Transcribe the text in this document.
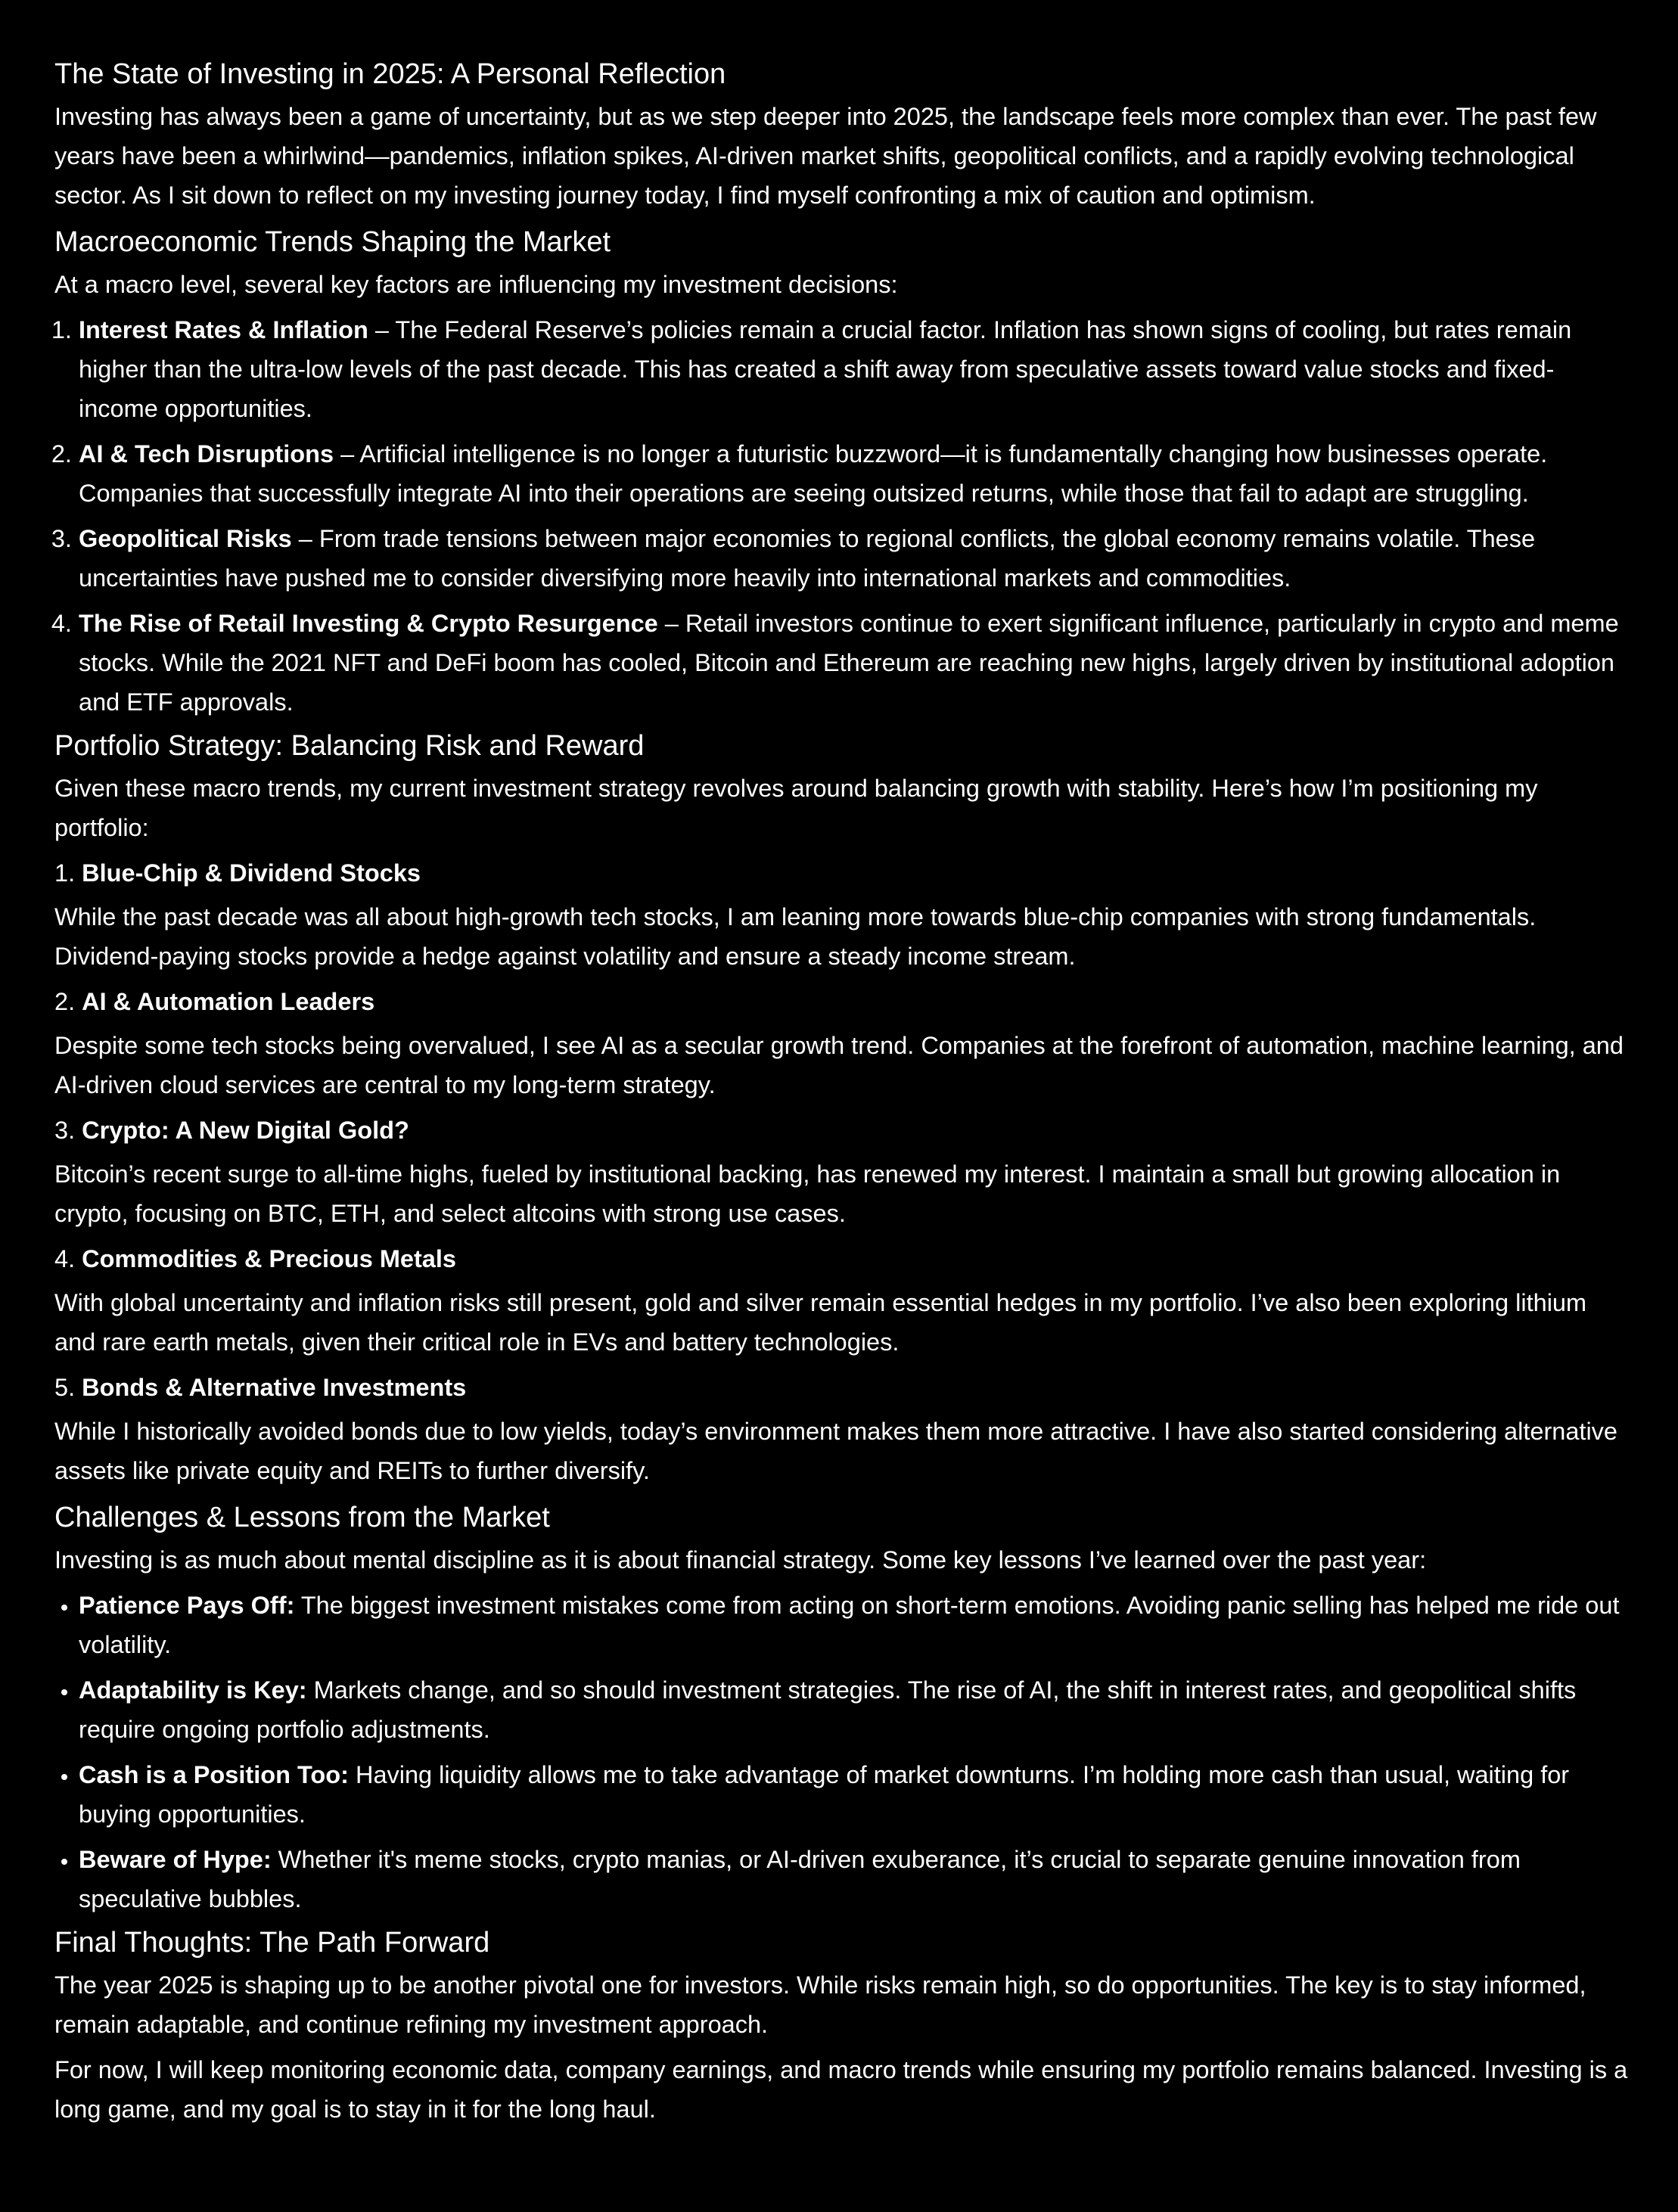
The State of Investing in 2025: A Personal Reflection

Investing has always been a game of uncertainty, but as we step deeper into 2025, the landscape feels more complex than ever. The past few years have been a whirlwind—pandemics, inflation spikes, AI-driven market shifts, geopolitical conflicts, and a rapidly evolving technological sector. As I sit down to reflect on my investing journey today, I find myself confronting a mix of caution and optimism.

Macroeconomic Trends Shaping the Market

At a macro level, several key factors are influencing my investment decisions:

1. Interest Rates & Inflation – The Federal Reserve’s policies remain a crucial factor. Inflation has shown signs of cooling, but rates remain higher than the ultra-low levels of the past decade. This has created a shift away from speculative assets toward value stocks and fixed-income opportunities.
2. AI & Tech Disruptions – Artificial intelligence is no longer a futuristic buzzword—it is fundamentally changing how businesses operate. Companies that successfully integrate AI into their operations are seeing outsized returns, while those that fail to adapt are struggling.
3. Geopolitical Risks – From trade tensions between major economies to regional conflicts, the global economy remains volatile. These uncertainties have pushed me to consider diversifying more heavily into international markets and commodities.
4. The Rise of Retail Investing & Crypto Resurgence – Retail investors continue to exert significant influence, particularly in crypto and meme stocks. While the 2021 NFT and DeFi boom has cooled, Bitcoin and Ethereum are reaching new highs, largely driven by institutional adoption and ETF approvals.
Portfolio Strategy: Balancing Risk and Reward

Given these macro trends, my current investment strategy revolves around balancing growth with stability. Here’s how I’m positioning my portfolio:

1. Blue-Chip & Dividend Stocks

While the past decade was all about high-growth tech stocks, I am leaning more towards blue-chip companies with strong fundamentals. Dividend-paying stocks provide a hedge against volatility and ensure a steady income stream.

2. AI & Automation Leaders

Despite some tech stocks being overvalued, I see AI as a secular growth trend. Companies at the forefront of automation, machine learning, and AI-driven cloud services are central to my long-term strategy.

3. Crypto: A New Digital Gold?

Bitcoin’s recent surge to all-time highs, fueled by institutional backing, has renewed my interest. I maintain a small but growing allocation in crypto, focusing on BTC, ETH, and select altcoins with strong use cases.

4. Commodities & Precious Metals

With global uncertainty and inflation risks still present, gold and silver remain essential hedges in my portfolio. I’ve also been exploring lithium and rare earth metals, given their critical role in EVs and battery technologies.

5. Bonds & Alternative Investments

While I historically avoided bonds due to low yields, today’s environment makes them more attractive. I have also started considering alternative assets like private equity and REITs to further diversify.

Challenges & Lessons from the Market

Investing is as much about mental discipline as it is about financial strategy. Some key lessons I’ve learned over the past year:

• Patience Pays Off: The biggest investment mistakes come from acting on short-term emotions. Avoiding panic selling has helped me ride out volatility.
• Adaptability is Key: Markets change, and so should investment strategies. The rise of AI, the shift in interest rates, and geopolitical shifts require ongoing portfolio adjustments.
• Cash is a Position Too: Having liquidity allows me to take advantage of market downturns. I’m holding more cash than usual, waiting for buying opportunities.
• Beware of Hype: Whether it's meme stocks, crypto manias, or AI-driven exuberance, it’s crucial to separate genuine innovation from speculative bubbles.
Final Thoughts: The Path Forward

The year 2025 is shaping up to be another pivotal one for investors. While risks remain high, so do opportunities. The key is to stay informed, remain adaptable, and continue refining my investment approach.

For now, I will keep monitoring economic data, company earnings, and macro trends while ensuring my portfolio remains balanced. Investing is a long game, and my goal is to stay in it for the long haul.
